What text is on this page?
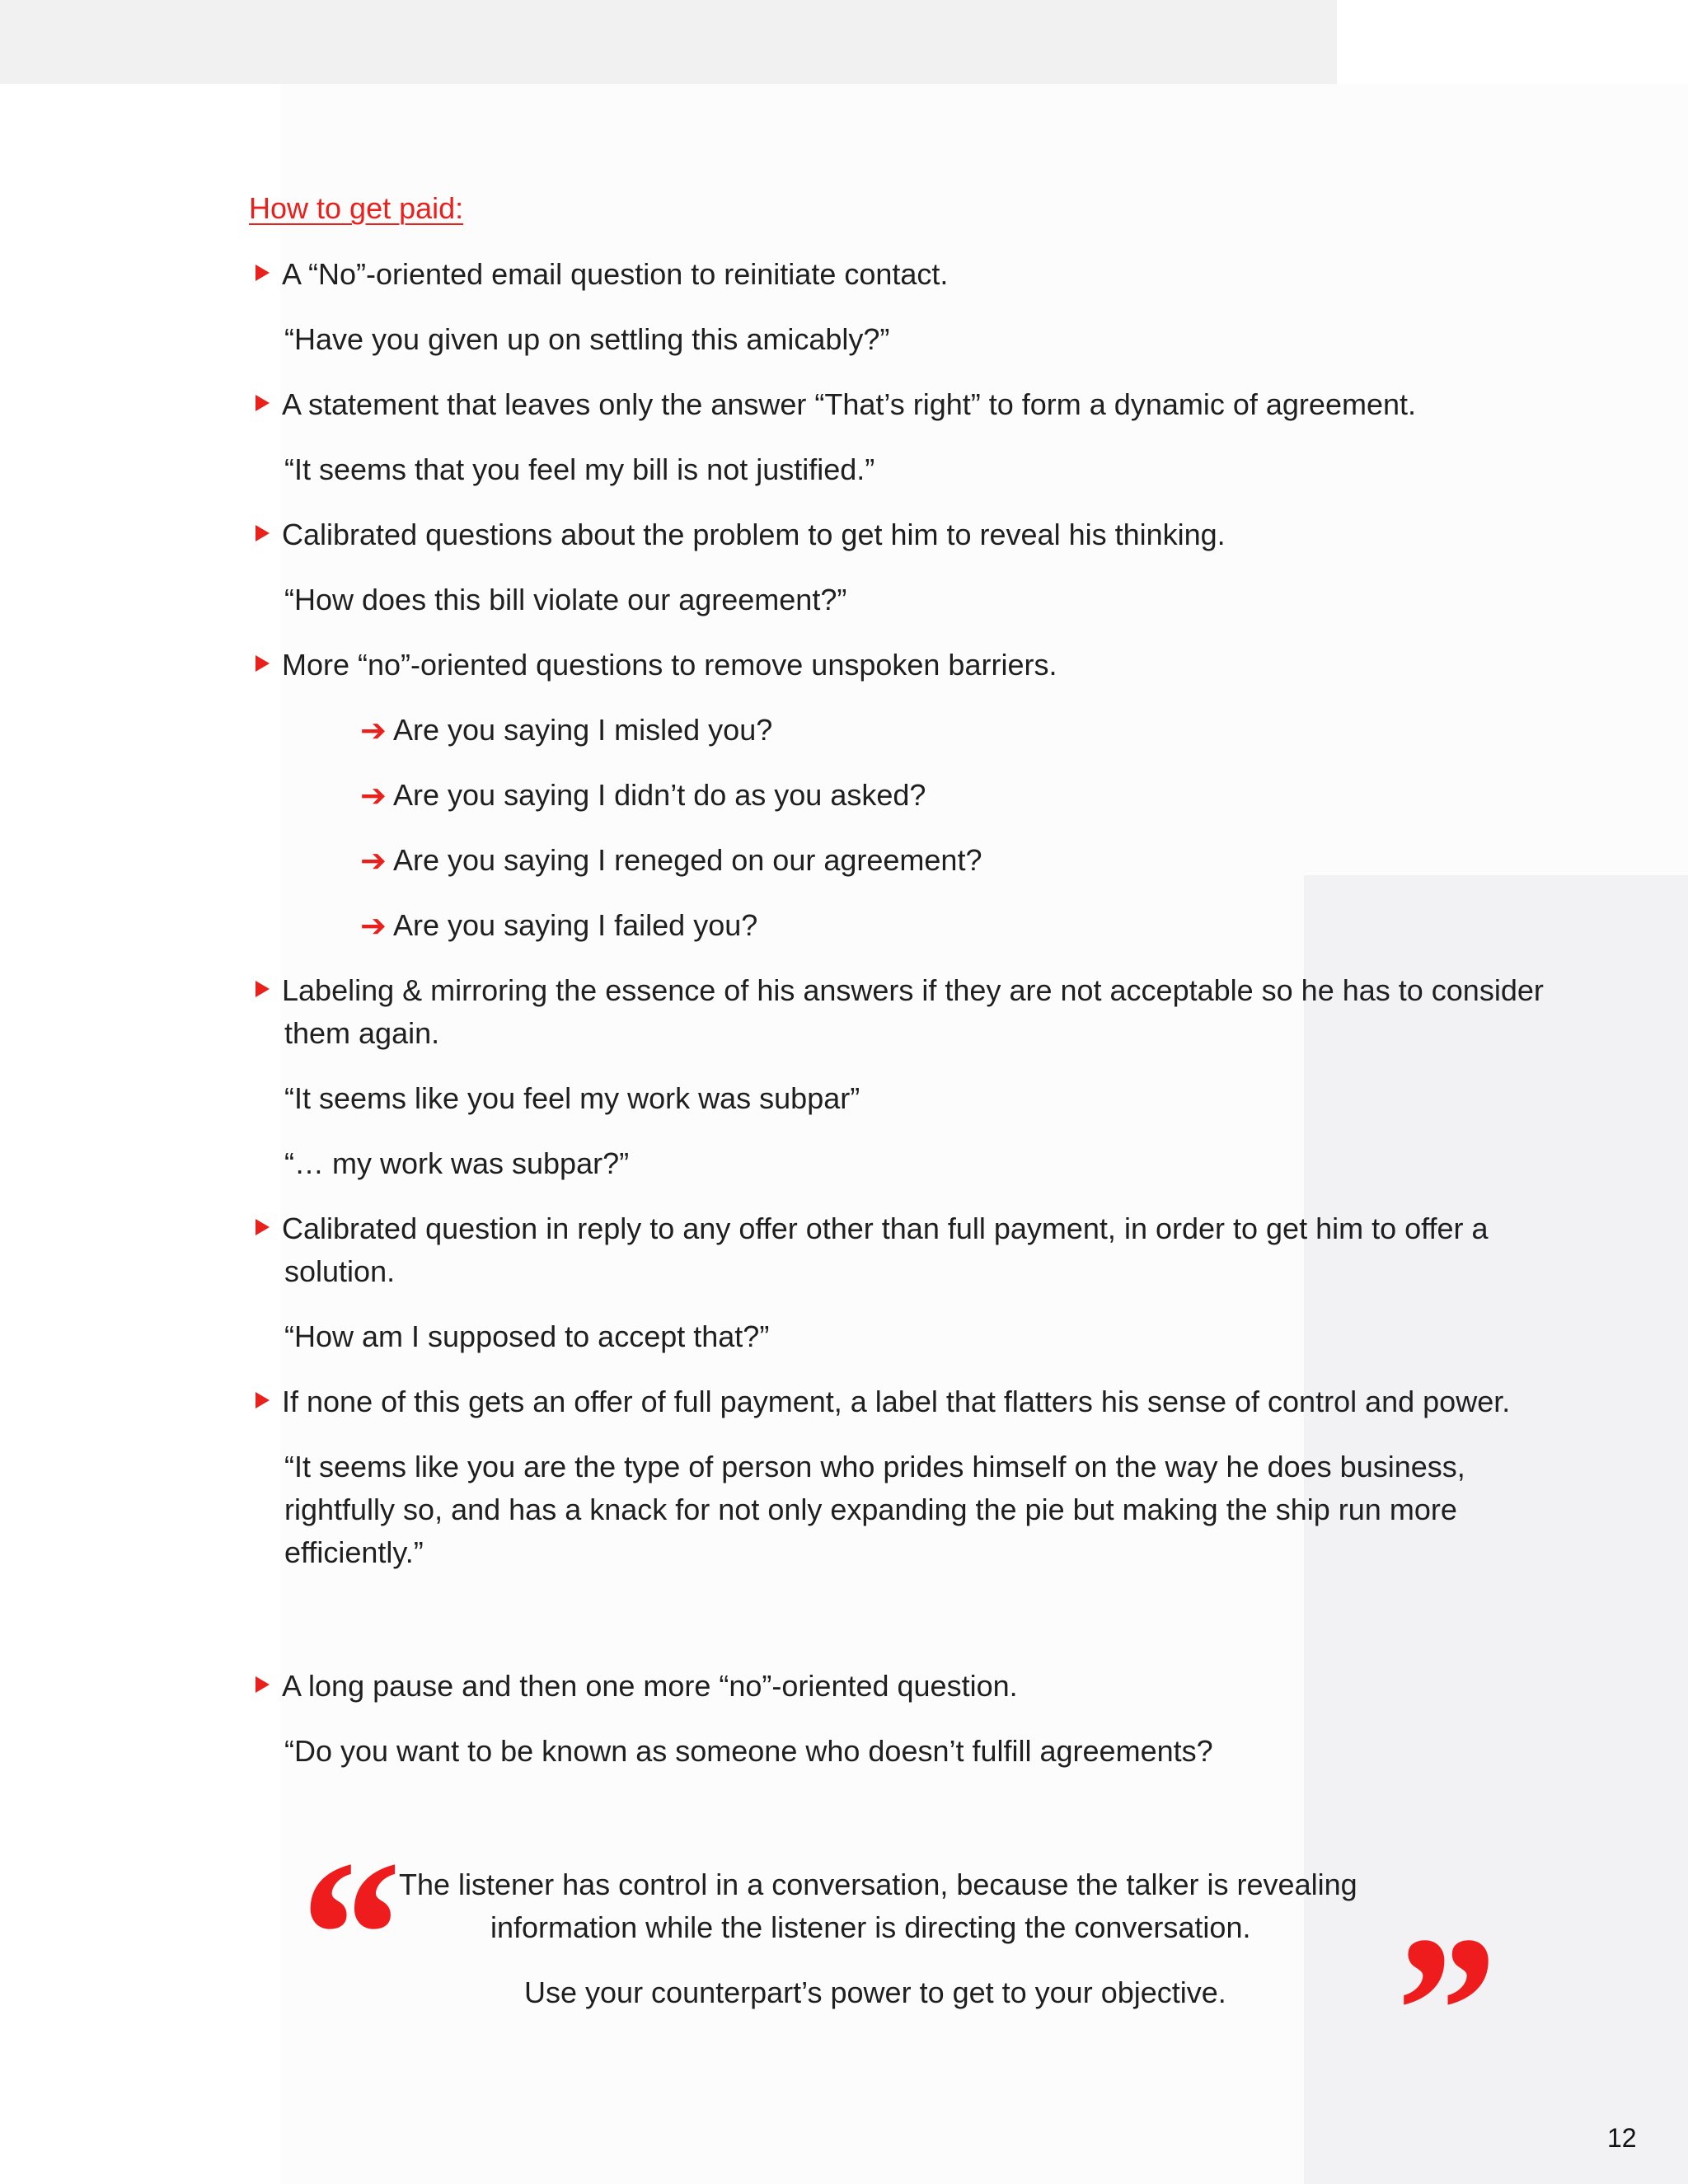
How to get paid:
A “No”-oriented email question to reinitiate contact.
“Have you given up on settling this amicably?”
A statement that leaves only the answer “That’s right” to form a dynamic of agreement.
“It seems that you feel my bill is not justified.”
Calibrated questions about the problem to get him to reveal his thinking.
“How does this bill violate our agreement?”
More “no”-oriented questions to remove unspoken barriers.
➔ Are you saying I misled you?
➔ Are you saying I didn’t do as you asked?
➔ Are you saying I reneged on our agreement?
➔ Are you saying I failed you?
Labeling & mirroring the essence of his answers if they are not acceptable so he has to consider
them again.
“It seems like you feel my work was subpar”
“… my work was subpar?”
Calibrated question in reply to any offer other than full payment, in order to get him to offer a
solution.
“How am I supposed to accept that?”
If none of this gets an offer of full payment, a label that flatters his sense of control and power.
“It seems like you are the type of person who prides himself on the way he does business,
rightfully so, and has a knack for not only expanding the pie but making the ship run more
efficiently.”
A long pause and then one more “no”-oriented question.
“Do you want to be known as someone who doesn’t fulfill agreements?
“	”
The listener has control in a conversation, because the talker is revealing
information while the listener is directing the conversation.
Use your counterpart’s power to get to your objective.
12
